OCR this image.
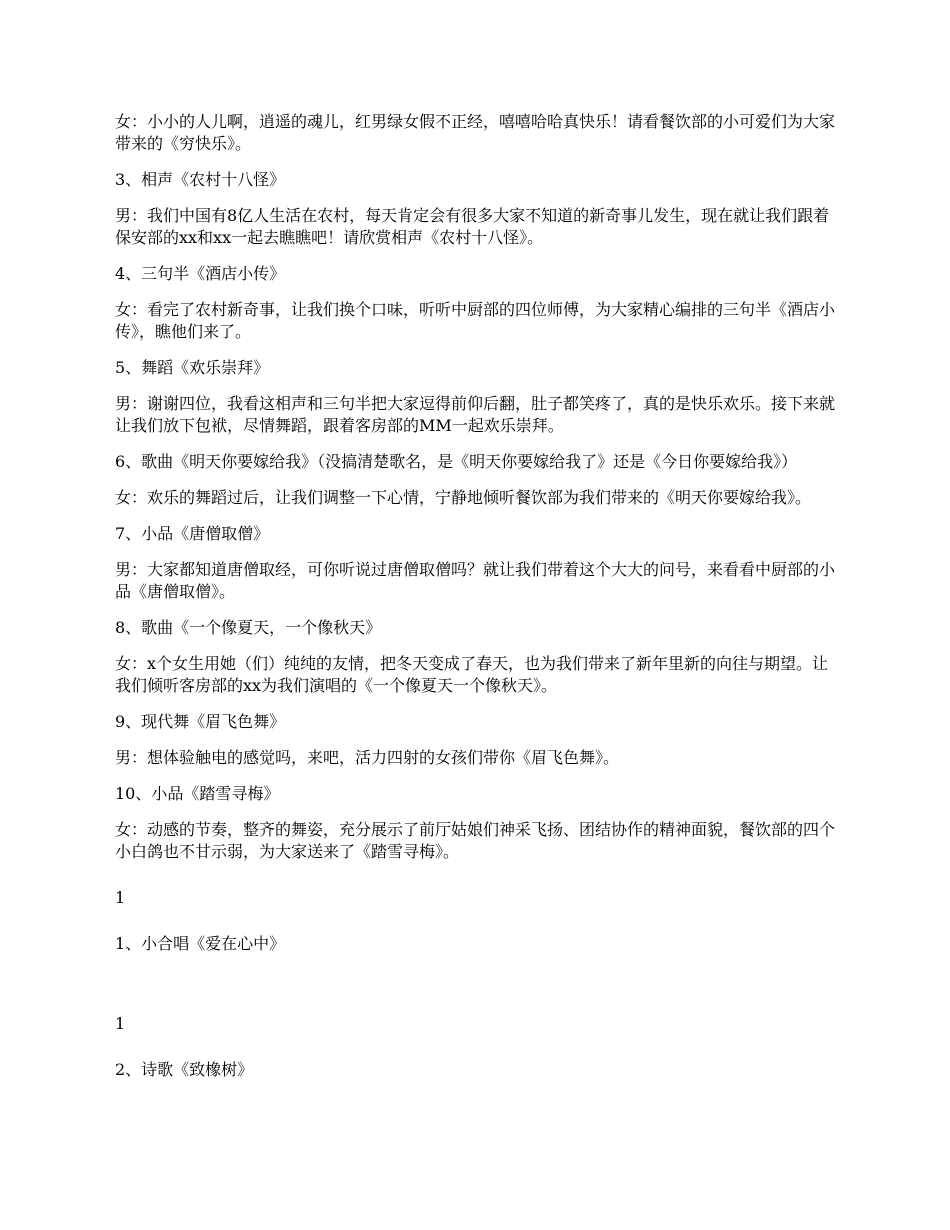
女：小小的人儿啊，逍遥的魂儿，红男绿女假不正经，嘻嘻哈哈真快乐！请看餐饮部的小可爱们为大家带来的《穷快乐》。

3、相声《农村十八怪》

男：我们中国有8亿人生活在农村，每天肯定会有很多大家不知道的新奇事儿发生，现在就让我们跟着保安部的xx和xx一起去瞧瞧吧！请欣赏相声《农村十八怪》。

4、三句半《酒店小传》

女：看完了农村新奇事，让我们换个口味，听听中厨部的四位师傅，为大家精心编排的三句半《酒店小传》，瞧他们来了。

5、舞蹈《欢乐崇拜》

男：谢谢四位，我看这相声和三句半把大家逗得前仰后翻，肚子都笑疼了，真的是快乐欢乐。接下来就让我们放下包袱，尽情舞蹈，跟着客房部的MM一起欢乐崇拜。

6、歌曲《明天你要嫁给我》（没搞清楚歌名，是《明天你要嫁给我了》还是《今日你要嫁给我》）

女：欢乐的舞蹈过后，让我们调整一下心情，宁静地倾听餐饮部为我们带来的《明天你要嫁给我》。

7、小品《唐僧取僧》

男：大家都知道唐僧取经，可你听说过唐僧取僧吗？就让我们带着这个大大的问号，来看看中厨部的小品《唐僧取僧》。

8、歌曲《一个像夏天，一个像秋天》

女：x个女生用她（们）纯纯的友情，把冬天变成了春天，也为我们带来了新年里新的向往与期望。让我们倾听客房部的xx为我们演唱的《一个像夏天一个像秋天》。

9、现代舞《眉飞色舞》

男：想体验触电的感觉吗，来吧，活力四射的女孩们带你《眉飞色舞》。

10、小品《踏雪寻梅》

女：动感的节奏，整齐的舞姿，充分展示了前厅姑娘们神采飞扬、团结协作的精神面貌，餐饮部的四个小白鸽也不甘示弱，为大家送来了《踏雪寻梅》。

1

1、小合唱《爱在心中》

1

2、诗歌《致橡树》
